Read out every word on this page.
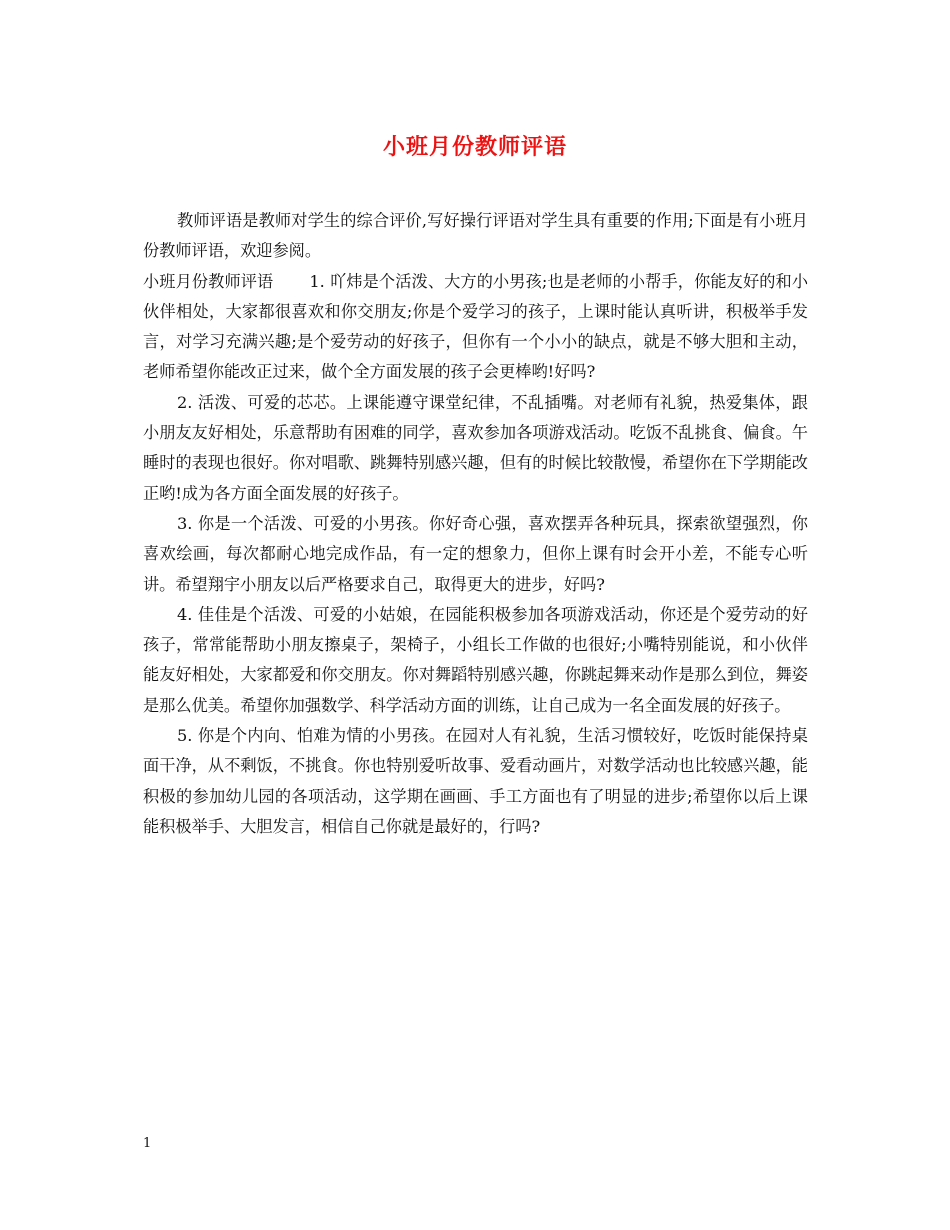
小班月份教师评语

教师评语是教师对学生的综合评价,写好操行评语对学生具有重要的作用;下面是有小班月份教师评语，欢迎参阅。

小班月份教师评语 1. 吖炜是个活泼、大方的小男孩;也是老师的小帮手，你能友好的和小伙伴相处，大家都很喜欢和你交朋友;你是个爱学习的孩子，上课时能认真听讲，积极举手发言，对学习充满兴趣;是个爱劳动的好孩子，但你有一个小小的缺点，就是不够大胆和主动，老师希望你能改正过来，做个全方面发展的孩子会更棒哟!好吗?

2. 活泼、可爱的芯芯。上课能遵守课堂纪律，不乱插嘴。对老师有礼貌，热爱集体，跟小朋友友好相处，乐意帮助有困难的同学，喜欢参加各项游戏活动。吃饭不乱挑食、偏食。午睡时的表现也很好。你对唱歌、跳舞特别感兴趣，但有的时候比较散慢，希望你在下学期能改正哟!成为各方面全面发展的好孩子。

3. 你是一个活泼、可爱的小男孩。你好奇心强，喜欢摆弄各种玩具，探索欲望强烈，你喜欢绘画，每次都耐心地完成作品，有一定的想象力，但你上课有时会开小差，不能专心听讲。希望翔宇小朋友以后严格要求自己，取得更大的进步，好吗?

4. 佳佳是个活泼、可爱的小姑娘，在园能积极参加各项游戏活动，你还是个爱劳动的好孩子，常常能帮助小朋友擦桌子，架椅子，小组长工作做的也很好;小嘴特别能说，和小伙伴能友好相处，大家都爱和你交朋友。你对舞蹈特别感兴趣，你跳起舞来动作是那么到位，舞姿是那么优美。希望你加强数学、科学活动方面的训练，让自己成为一名全面发展的好孩子。

5. 你是个内向、怕难为情的小男孩。在园对人有礼貌，生活习惯较好，吃饭时能保持桌面干净，从不剩饭，不挑食。你也特别爱听故事、爱看动画片，对数学活动也比较感兴趣，能积极的参加幼儿园的各项活动，这学期在画画、手工方面也有了明显的进步;希望你以后上课能积极举手、大胆发言，相信自己你就是最好的，行吗?

1
